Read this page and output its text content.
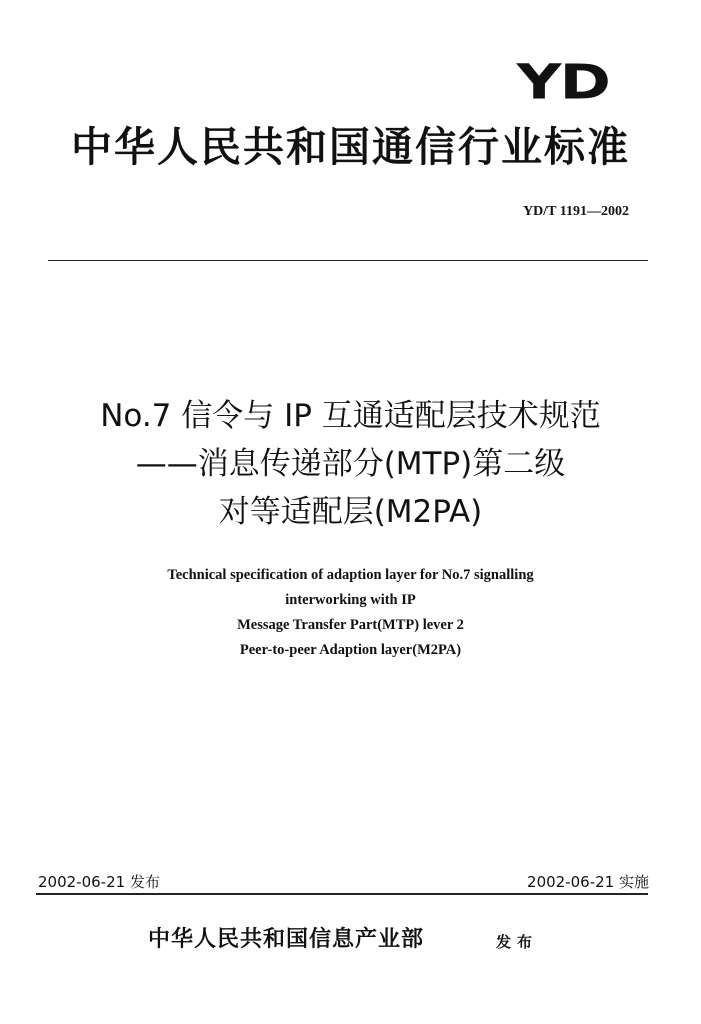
YD
中华人民共和国通信行业标准
YD/T 1191—2002
No.7 信令与 IP 互通适配层技术规范
——消息传递部分(MTP)第二级
对等适配层(M2PA)
Technical specification of adaption layer for No.7 signalling
interworking with IP
Message Transfer Part(MTP) lever 2
Peer-to-peer Adaption layer(M2PA)
2002-06-21 发布	2002-06-21 实施
中华人民共和国信息产业部	发布
